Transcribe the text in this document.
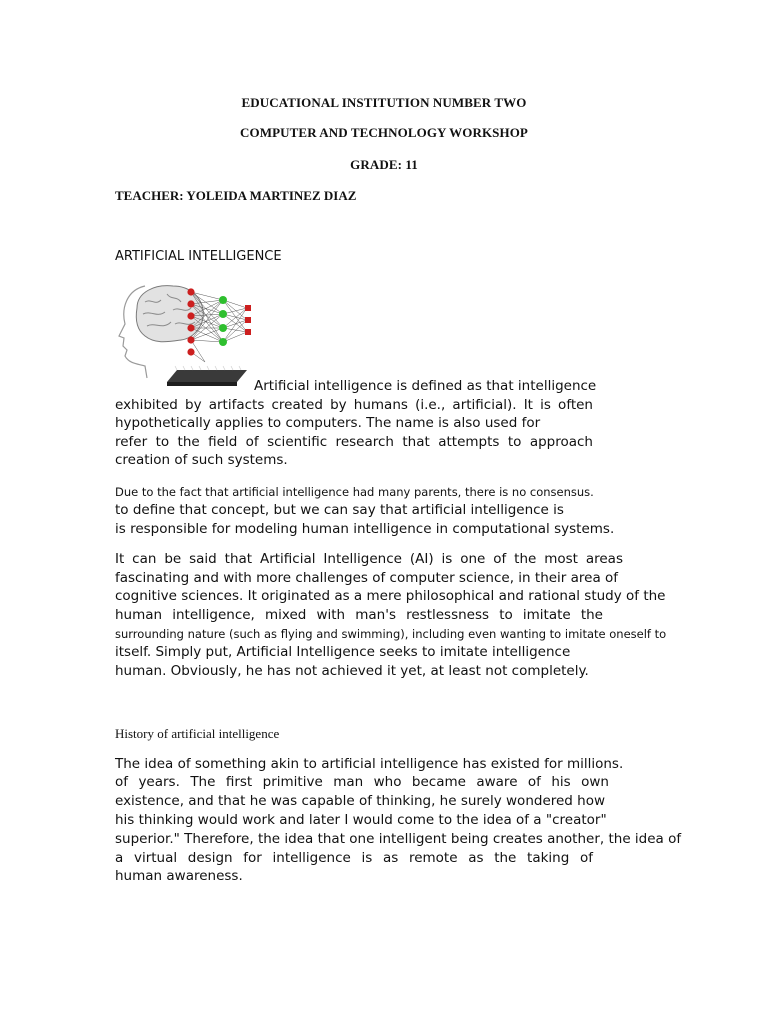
EDUCATIONAL INSTITUTION NUMBER TWO
COMPUTER AND TECHNOLOGY WORKSHOP
GRADE: 11
TEACHER: YOLEIDA MARTINEZ DIAZ
ARTIFICIAL INTELLIGENCE
Artificial intelligence is defined as that intelligence
exhibited by artifacts created by humans (i.e., artificial). It is often
hypothetically applies to computers. The name is also used for
refer to the field of scientific research that attempts to approach
creation of such systems.
Due to the fact that artificial intelligence had many parents, there is no consensus.
to define that concept, but we can say that artificial intelligence is
is responsible for modeling human intelligence in computational systems.
It can be said that Artificial Intelligence (AI) is one of the most areas
fascinating and with more challenges of computer science, in their area of
cognitive sciences. It originated as a mere philosophical and rational study of the
human intelligence, mixed with man's restlessness to imitate the
surrounding nature (such as flying and swimming), including even wanting to imitate oneself to
itself. Simply put, Artificial Intelligence seeks to imitate intelligence
human. Obviously, he has not achieved it yet, at least not completely.
History of artificial intelligence
The idea of something akin to artificial intelligence has existed for millions.
of years. The first primitive man who became aware of his own
existence, and that he was capable of thinking, he surely wondered how
his thinking would work and later I would come to the idea of a "creator"
superior." Therefore, the idea that one intelligent being creates another, the idea of
a virtual design for intelligence is as remote as the taking of
human awareness.
